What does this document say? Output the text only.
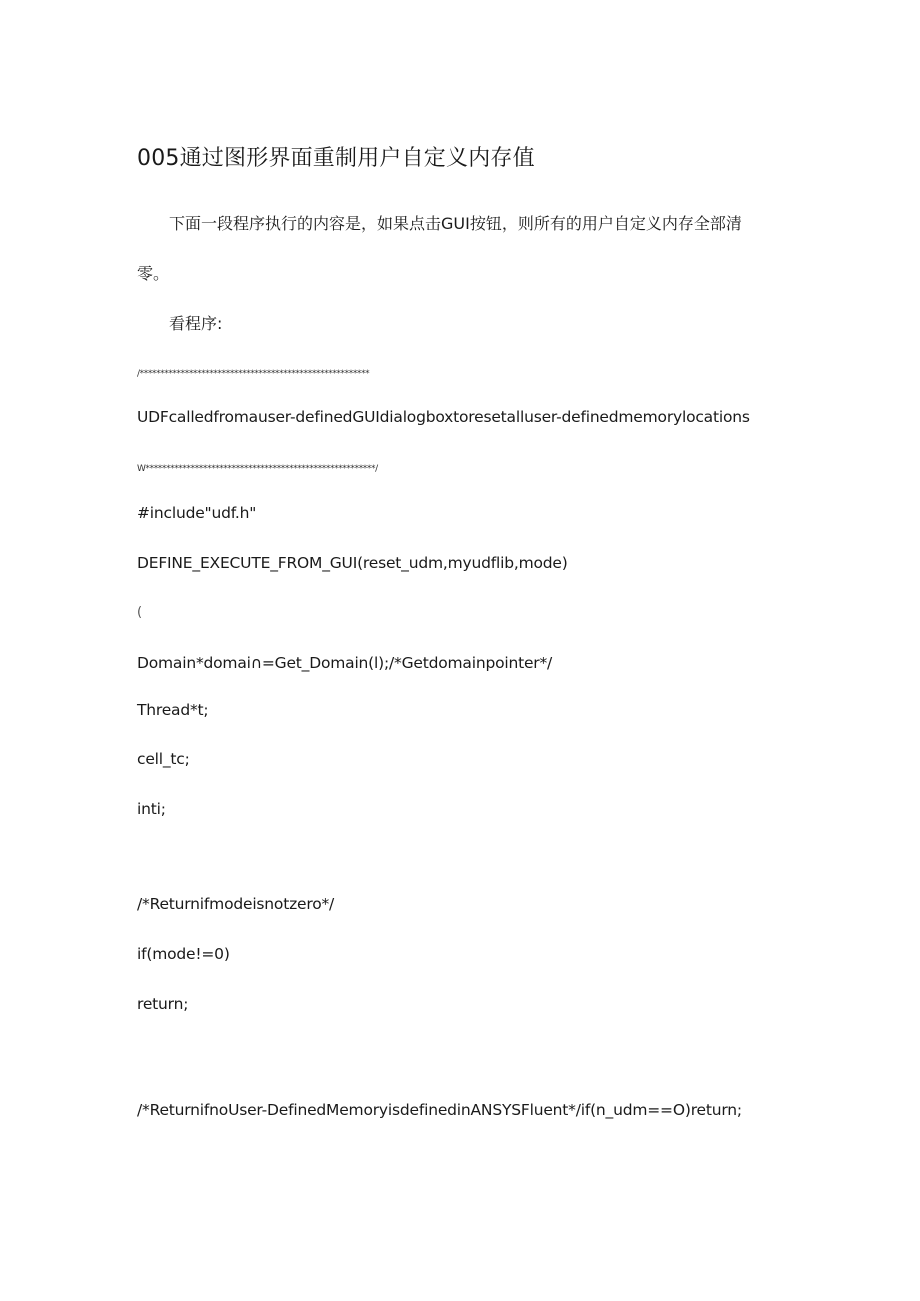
005通过图形界面重制用户自定义内存值
下面一段程序执行的内容是，如果点击GUI按钮，则所有的用户自定义内存全部清
零。
看程序:
/********************************************************
UDFcalledfromauser-definedGUIdialogboxtoresetalluser-definedmemorylocations
W********************************************************/
#include"udf.h"
DEFINE_EXECUTE_FROM_GUI(reset_udm,myudflib,mode)
(
Domain*domai∩=Get_Domain(l);/*Getdomainpointer*/
Thread*t;
cell_tc;
inti;
/*Returnifmodeisnotzero*/
if(mode!=0)
return;
/*ReturnifnoUser-DefinedMemoryisdefinedinANSYSFluent*/if(n_udm==O)return;
